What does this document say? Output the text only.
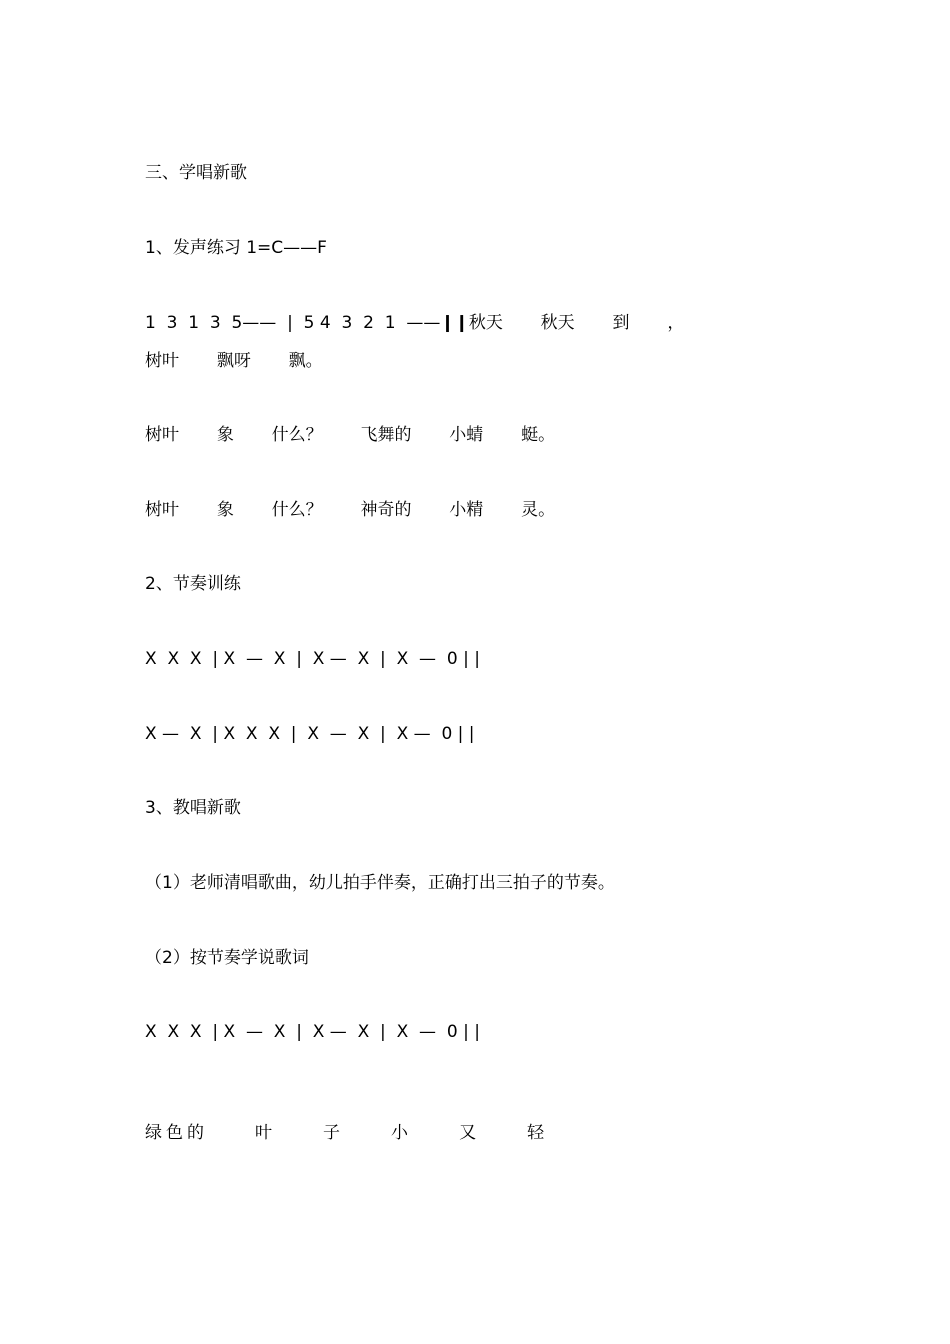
三、学唱新歌
1、发声练习 1=C——F
1  3  1  3  5——  |  5 4  3  2  1  ——❙❙秋天       秋天       到       ，
树叶       飘呀       飘。
树叶       象       什么？       飞舞的       小蜻       蜓。
树叶       象       什么？       神奇的       小精       灵。
2、节奏训练
X  X  X  | X  —  X  |  X —  X  |  X  —  0 | |
X —  X  | X  X  X  |  X  —  X  |  X —  0 | |
3、教唱新歌
（1）老师清唱歌曲，幼儿拍手伴奏，正确打出三拍子的节奏。
（2）按节奏学说歌词
X  X  X  | X  —  X  |  X —  X  |  X  —  0 | |
绿色的     叶     子     小     又     轻
